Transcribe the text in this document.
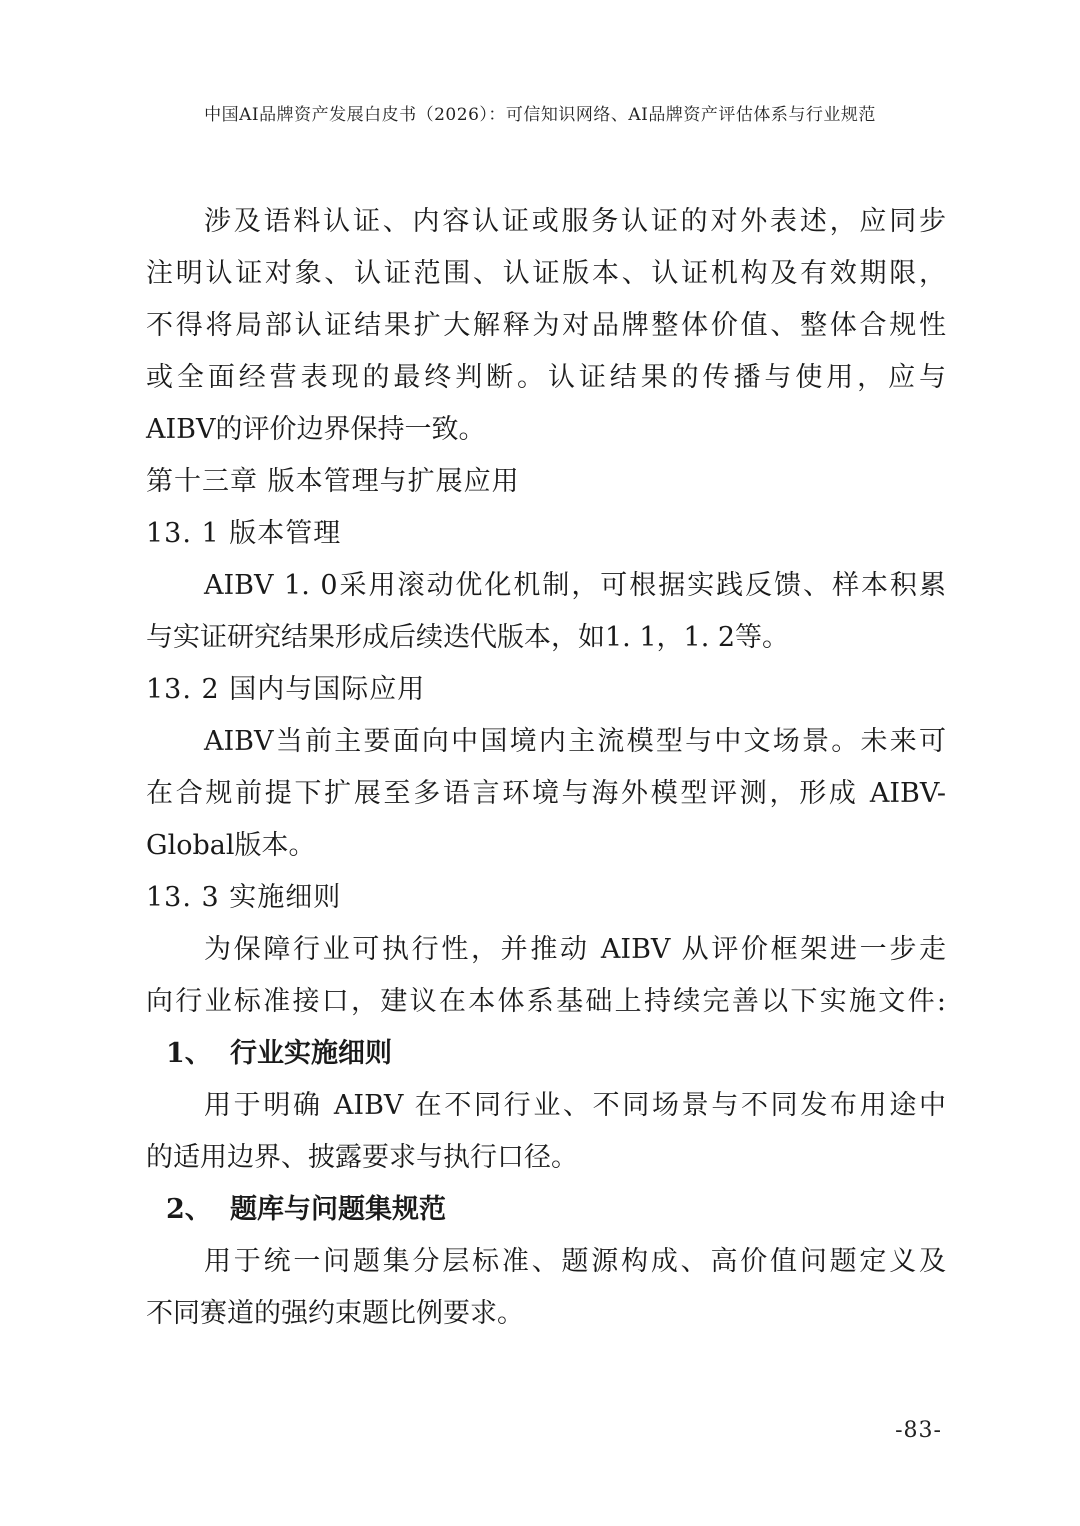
中国AI品牌资产发展白皮书（2026）：可信知识网络、AI品牌资产评估体系与行业规范
涉及语料认证、内容认证或服务认证的对外表述，应同步
注明认证对象、认证范围、认证版本、认证机构及有效期限，
不得将局部认证结果扩大解释为对品牌整体价值、整体合规性
或全面经营表现的最终判断。认证结果的传播与使用，应与
AIBV的评价边界保持一致。
第十三章 版本管理与扩展应用
13. 1 版本管理
AIBV 1. 0采用滚动优化机制，可根据实践反馈、样本积累
与实证研究结果形成后续迭代版本，如1. 1，1. 2等。
13. 2 国内与国际应用
AIBV当前主要面向中国境内主流模型与中文场景。未来可
在合规前提下扩展至多语言环境与海外模型评测，形成 AIBV-
Global版本。
13. 3 实施细则
为保障行业可执行性，并推动 AIBV 从评价框架进一步走
向行业标准接口，建议在本体系基础上持续完善以下实施文件:
1、 行业实施细则
用于明确 AIBV 在不同行业、不同场景与不同发布用途中
的适用边界、披露要求与执行口径。
2、 题库与问题集规范
用于统一问题集分层标准、题源构成、高价值问题定义及
不同赛道的强约束题比例要求。
-83-
